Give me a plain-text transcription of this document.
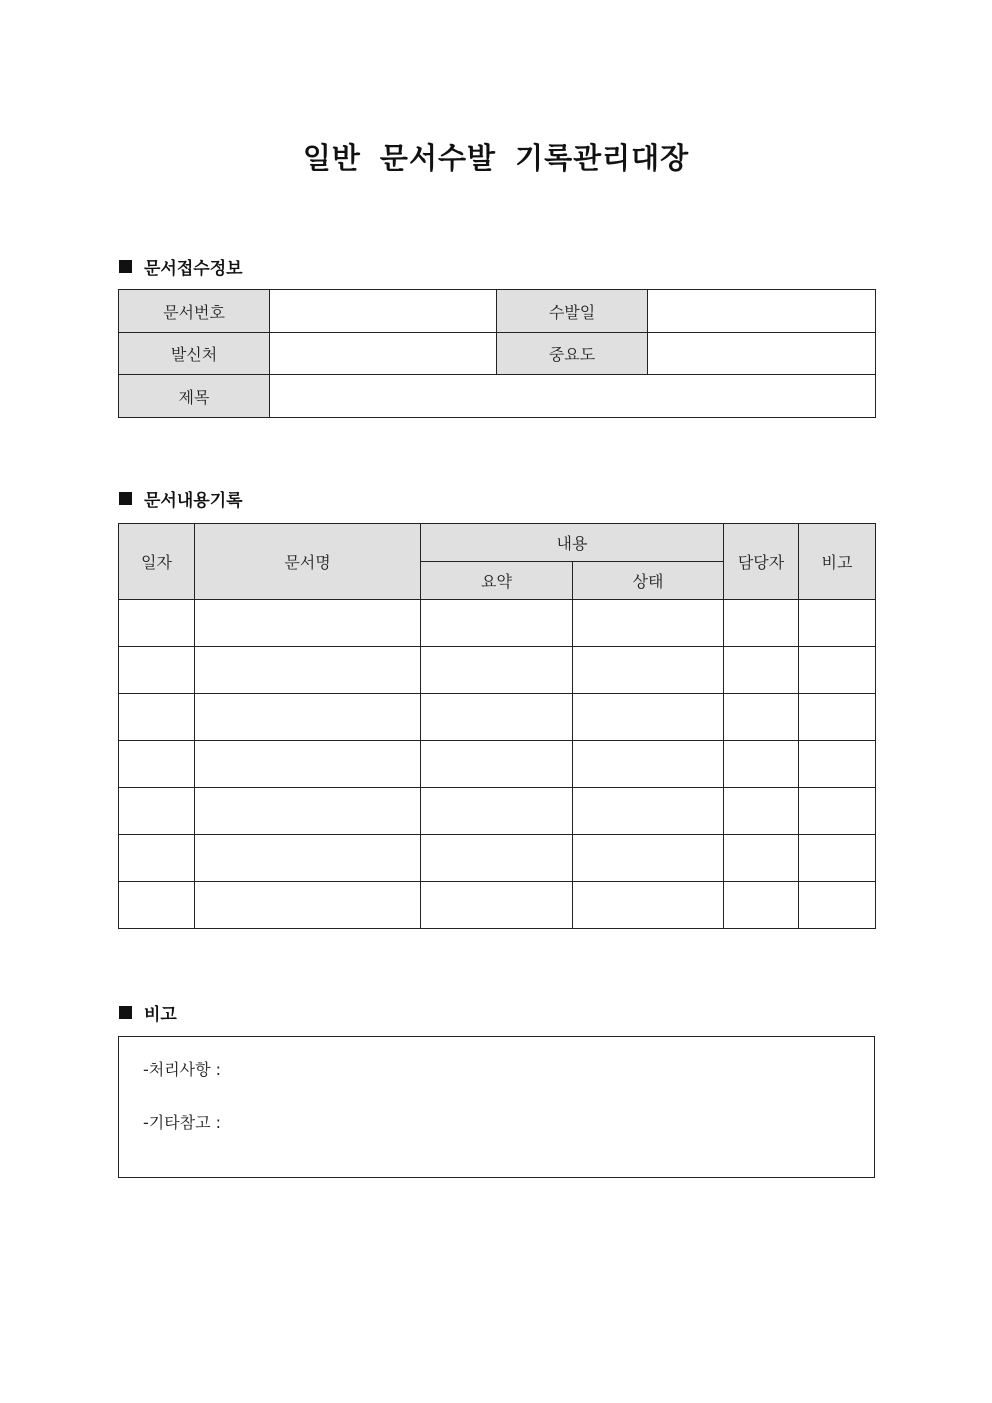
일반 문서수발 기록관리대장
문서접수정보
문서번호		수발일	
발신처		중요도	
제목			
문서내용기록
일자	문서명	내용		담당자	비고
		요약	상태		

비고
-처리사항 :
-기타참고 :
